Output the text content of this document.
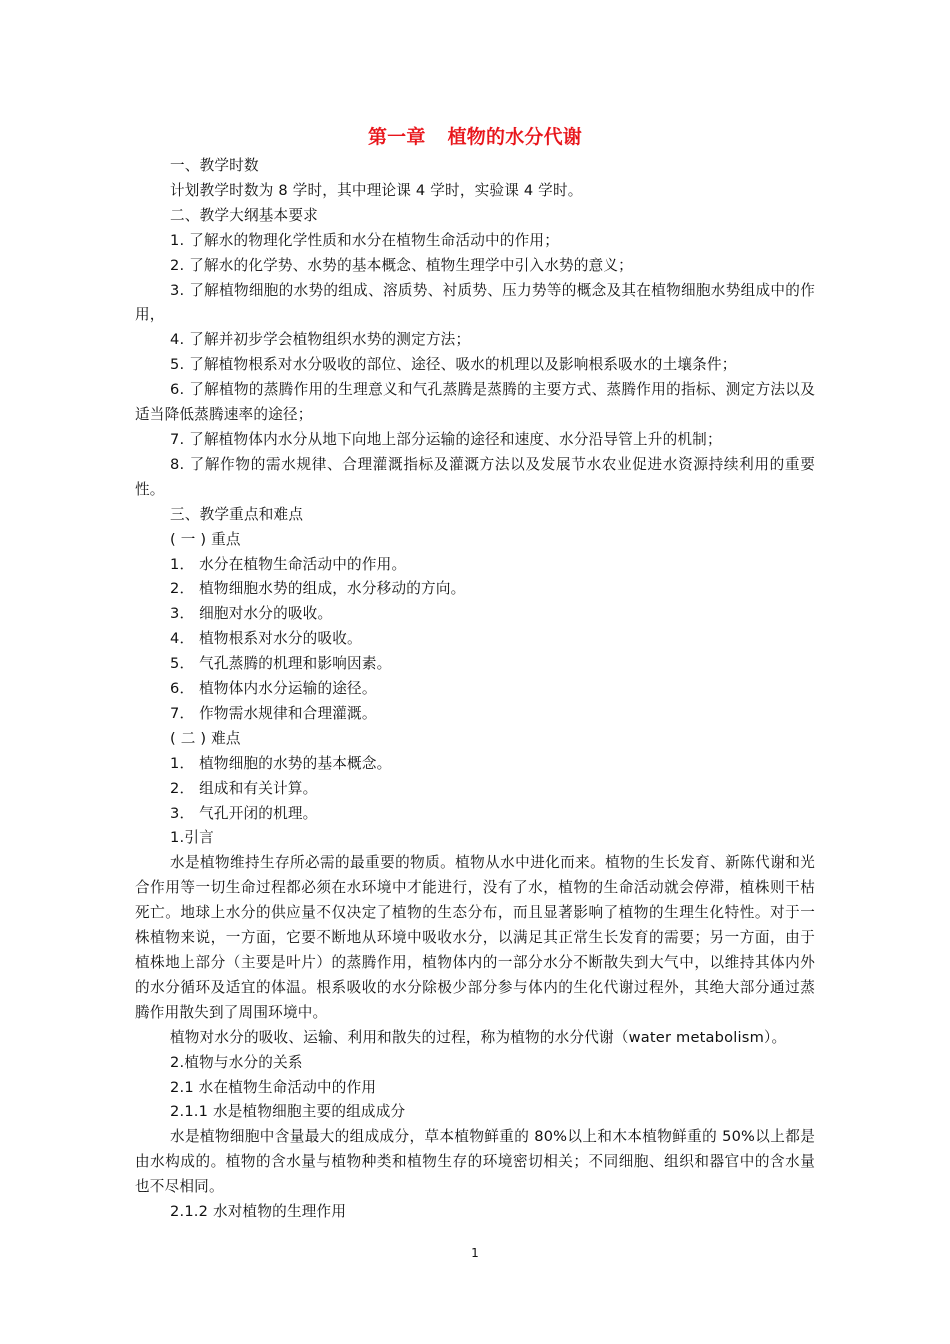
第一章 植物的水分代谢

一、教学时数

计划教学时数为 8 学时，其中理论课 4 学时，实验课 4 学时。

二、教学大纲基本要求

1. 了解水的物理化学性质和水分在植物生命活动中的作用；

2. 了解水的化学势、水势的基本概念、植物生理学中引入水势的意义；

3. 了解植物细胞的水势的组成、溶质势、衬质势、压力势等的概念及其在植物细胞水势组成中的作用，

4. 了解并初步学会植物组织水势的测定方法；

5. 了解植物根系对水分吸收的部位、途径、吸水的机理以及影响根系吸水的土壤条件；

6. 了解植物的蒸腾作用的生理意义和气孔蒸腾是蒸腾的主要方式、蒸腾作用的指标、测定方法以及适当降低蒸腾速率的途径；

7. 了解植物体内水分从地下向地上部分运输的途径和速度、水分沿导管上升的机制；

8. 了解作物的需水规律、合理灌溉指标及灌溉方法以及发展节水农业促进水资源持续利用的重要性。

三、教学重点和难点

( 一 ) 重点

1． 水分在植物生命活动中的作用。

2． 植物细胞水势的组成，水分移动的方向。

3． 细胞对水分的吸收。

4． 植物根系对水分的吸收。

5． 气孔蒸腾的机理和影响因素。

6． 植物体内水分运输的途径。

7． 作物需水规律和合理灌溉。

( 二 ) 难点

1． 植物细胞的水势的基本概念。

2． 组成和有关计算。

3． 气孔开闭的机理。

1.引言

水是植物维持生存所必需的最重要的物质。植物从水中进化而来。植物的生长发育、新陈代谢和光合作用等一切生命过程都必须在水环境中才能进行，没有了水，植物的生命活动就会停滞，植株则干枯死亡。地球上水分的供应量不仅决定了植物的生态分布，而且显著影响了植物的生理生化特性。对于一株植物来说，一方面，它要不断地从环境中吸收水分，以满足其正常生长发育的需要；另一方面，由于植株地上部分（主要是叶片）的蒸腾作用，植物体内的一部分水分不断散失到大气中，以维持其体内外的水分循环及适宜的体温。根系吸收的水分除极少部分参与体内的生化代谢过程外，其绝大部分通过蒸腾作用散失到了周围环境中。

植物对水分的吸收、运输、利用和散失的过程，称为植物的水分代谢（water metabolism）。

2.植物与水分的关系

2.1 水在植物生命活动中的作用

2.1.1 水是植物细胞主要的组成成分

水是植物细胞中含量最大的组成成分，草本植物鲜重的 80%以上和木本植物鲜重的 50%以上都是由水构成的。植物的含水量与植物种类和植物生存的环境密切相关；不同细胞、组织和器官中的含水量也不尽相同。

2.1.2 水对植物的生理作用

1
